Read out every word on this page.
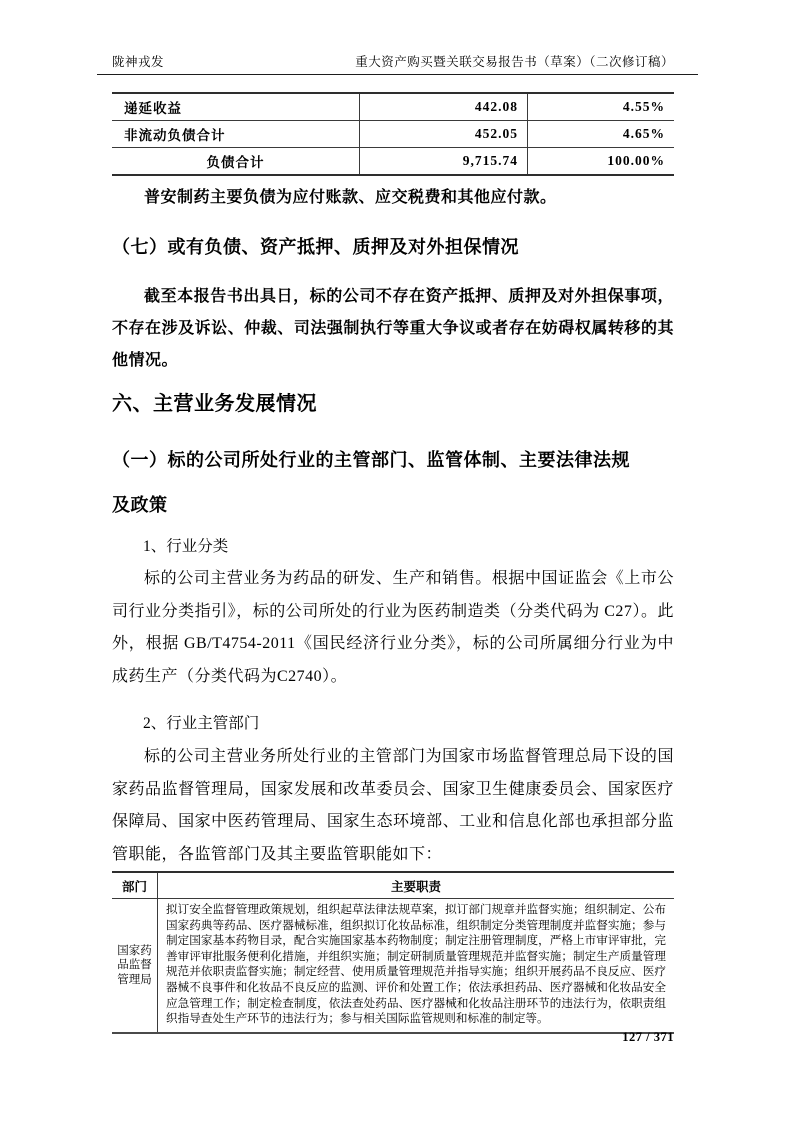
陇神戎发	重大资产购买暨关联交易报告书（草案）（二次修订稿）
递延收益	442.08	4.55%
非流动负债合计	452.05	4.65%
负债合计	9,715.74	100.00%
普安制药主要负债为应付账款、应交税费和其他应付款。
（七）或有负债、资产抵押、质押及对外担保情况
截至本报告书出具日，标的公司不存在资产抵押、质押及对外担保事项，不存在涉及诉讼、仲裁、司法强制执行等重大争议或者存在妨碍权属转移的其他情况。
六、主营业务发展情况
（一）标的公司所处行业的主管部门、监管体制、主要法律法规及政策
1、行业分类
标的公司主营业务为药品的研发、生产和销售。根据中国证监会《上市公司行业分类指引》，标的公司所处的行业为医药制造类（分类代码为 C27）。此外，根据 GB/T4754-2011《国民经济行业分类》，标的公司所属细分行业为中成药生产（分类代码为C2740）。
2、行业主管部门
标的公司主营业务所处行业的主管部门为国家市场监督管理总局下设的国家药品监督管理局，国家发展和改革委员会、国家卫生健康委员会、国家医疗保障局、国家中医药管理局、国家生态环境部、工业和信息化部也承担部分监管职能，各监管部门及其主要监管职能如下：
部门	主要职责
国家药品监督管理局	拟订安全监督管理政策规划，组织起草法律法规草案，拟订部门规章并监督实施；组织制定、公布国家药典等药品、医疗器械标准，组织拟订化妆品标准，组织制定分类管理制度并监督实施；参与制定国家基本药物目录，配合实施国家基本药物制度；制定注册管理制度，严格上市审评审批，完善审评审批服务便利化措施，并组织实施；制定研制质量管理规范并监督实施；制定生产质量管理规范并依职责监督实施；制定经营、使用质量管理规范并指导实施；组织开展药品不良反应、医疗器械不良事件和化妆品不良反应的监测、评价和处置工作；依法承担药品、医疗器械和化妆品安全应急管理工作；制定检查制度，依法查处药品、医疗器械和化妆品注册环节的违法行为，依职责组织指导查处生产环节的违法行为；参与相关国际监管规则和标准的制定等。
127 / 371
